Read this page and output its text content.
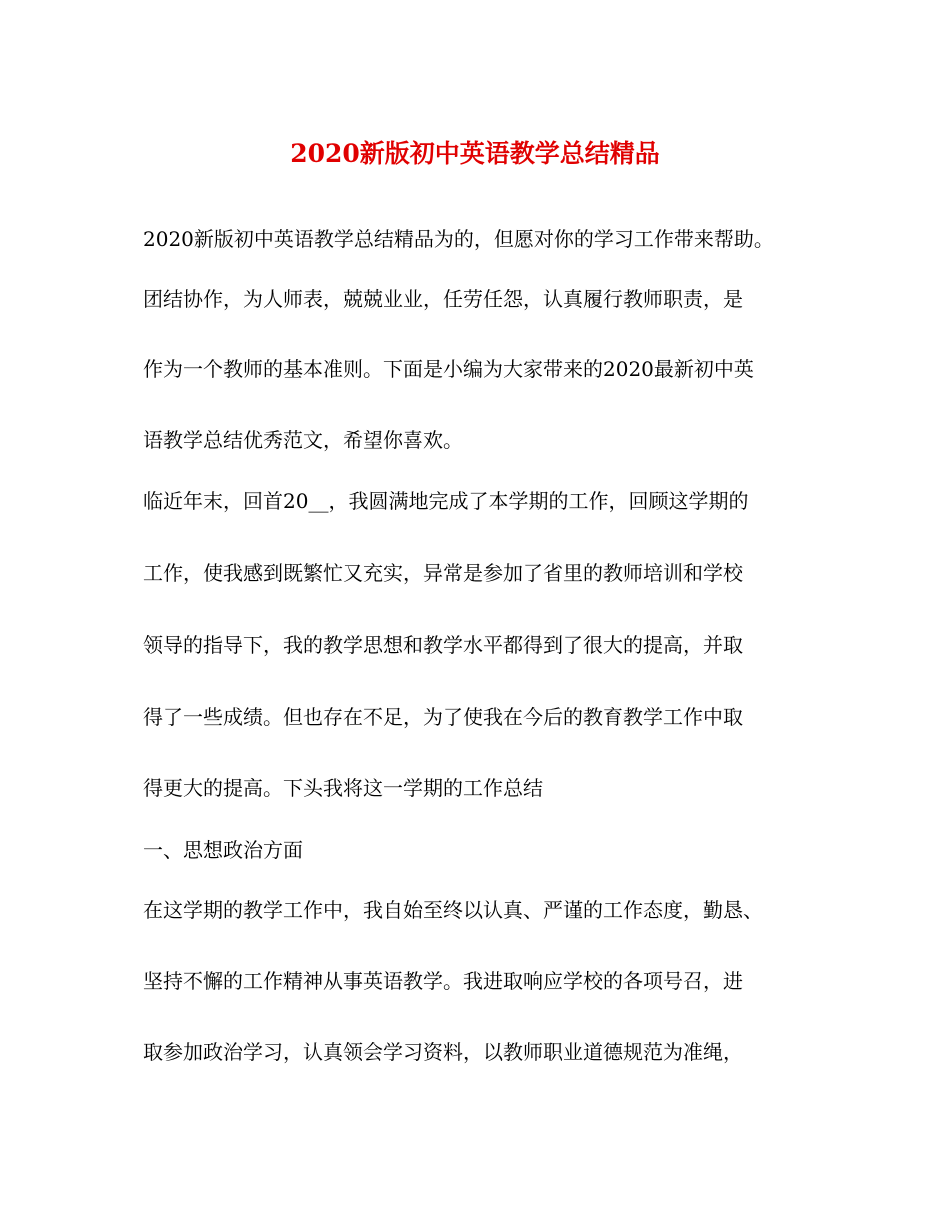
2020新版初中英语教学总结精品
2020新版初中英语教学总结精品为的，但愿对你的学习工作带来帮助。
团结协作，为人师表，兢兢业业，任劳任怨，认真履行教师职责，是
作为一个教师的基本准则。下面是小编为大家带来的2020最新初中英
语教学总结优秀范文，希望你喜欢。
临近年末，回首20__，我圆满地完成了本学期的工作，回顾这学期的
工作，使我感到既繁忙又充实，异常是参加了省里的教师培训和学校
领导的指导下，我的教学思想和教学水平都得到了很大的提高，并取
得了一些成绩。但也存在不足，为了使我在今后的教育教学工作中取
得更大的提高。下头我将这一学期的工作总结
一、思想政治方面
在这学期的教学工作中，我自始至终以认真、严谨的工作态度，勤恳、
坚持不懈的工作精神从事英语教学。我进取响应学校的各项号召，进
取参加政治学习，认真领会学习资料，以教师职业道德规范为准绳，
